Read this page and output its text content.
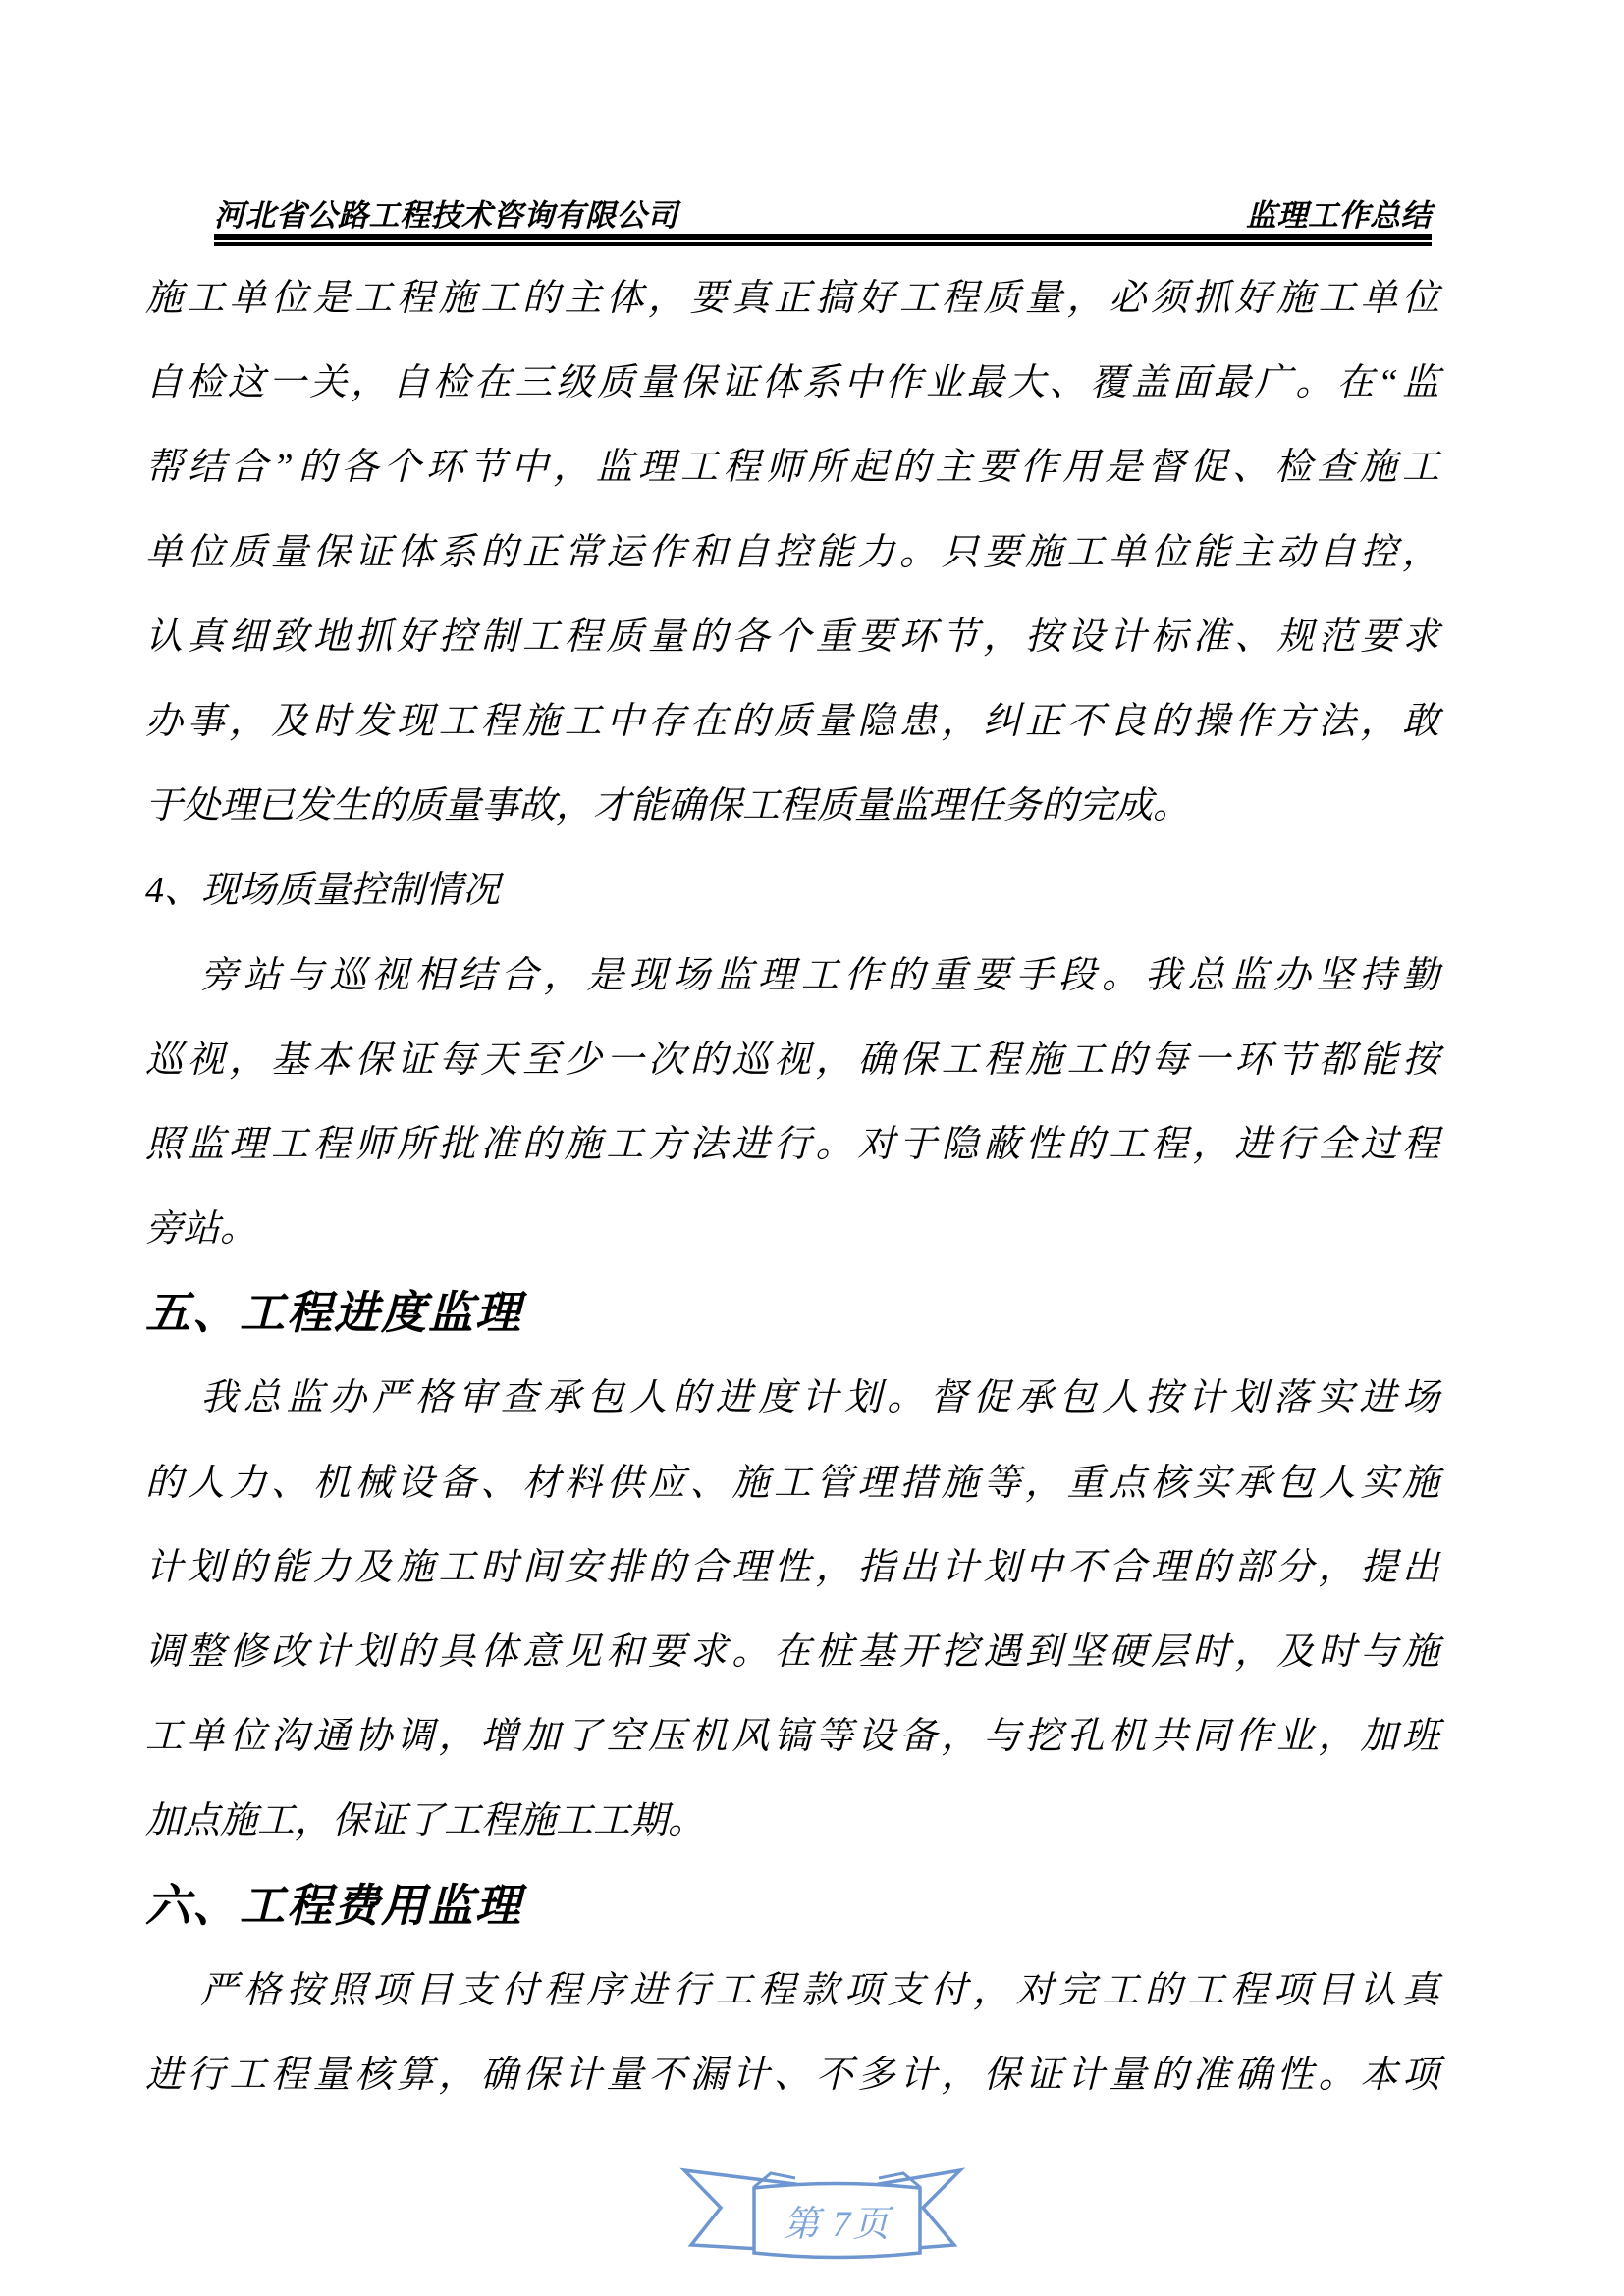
河北省公路工程技术咨询有限公司	监理工作总结
施工单位是工程施工的主体，要真正搞好工程质量，必须抓好施工单位
自检这一关，自检在三级质量保证体系中作业最大、覆盖面最广。在“监
帮结合”的各个环节中，监理工程师所起的主要作用是督促、检查施工
单位质量保证体系的正常运作和自控能力。只要施工单位能主动自控，
认真细致地抓好控制工程质量的各个重要环节，按设计标准、规范要求
办事，及时发现工程施工中存在的质量隐患，纠正不良的操作方法，敢
于处理已发生的质量事故，才能确保工程质量监理任务的完成。
4、现场质量控制情况
旁站与巡视相结合，是现场监理工作的重要手段。我总监办坚持勤
巡视，基本保证每天至少一次的巡视，确保工程施工的每一环节都能按
照监理工程师所批准的施工方法进行。对于隐蔽性的工程，进行全过程
旁站。
五、工程进度监理
我总监办严格审查承包人的进度计划。督促承包人按计划落实进场
的人力、机械设备、材料供应、施工管理措施等，重点核实承包人实施
计划的能力及施工时间安排的合理性，指出计划中不合理的部分，提出
调整修改计划的具体意见和要求。在桩基开挖遇到坚硬层时，及时与施
工单位沟通协调，增加了空压机风镐等设备，与挖孔机共同作业，加班
加点施工，保证了工程施工工期。
六、工程费用监理
严格按照项目支付程序进行工程款项支付，对完工的工程项目认真
进行工程量核算，确保计量不漏计、不多计，保证计量的准确性。本项
第 7页
